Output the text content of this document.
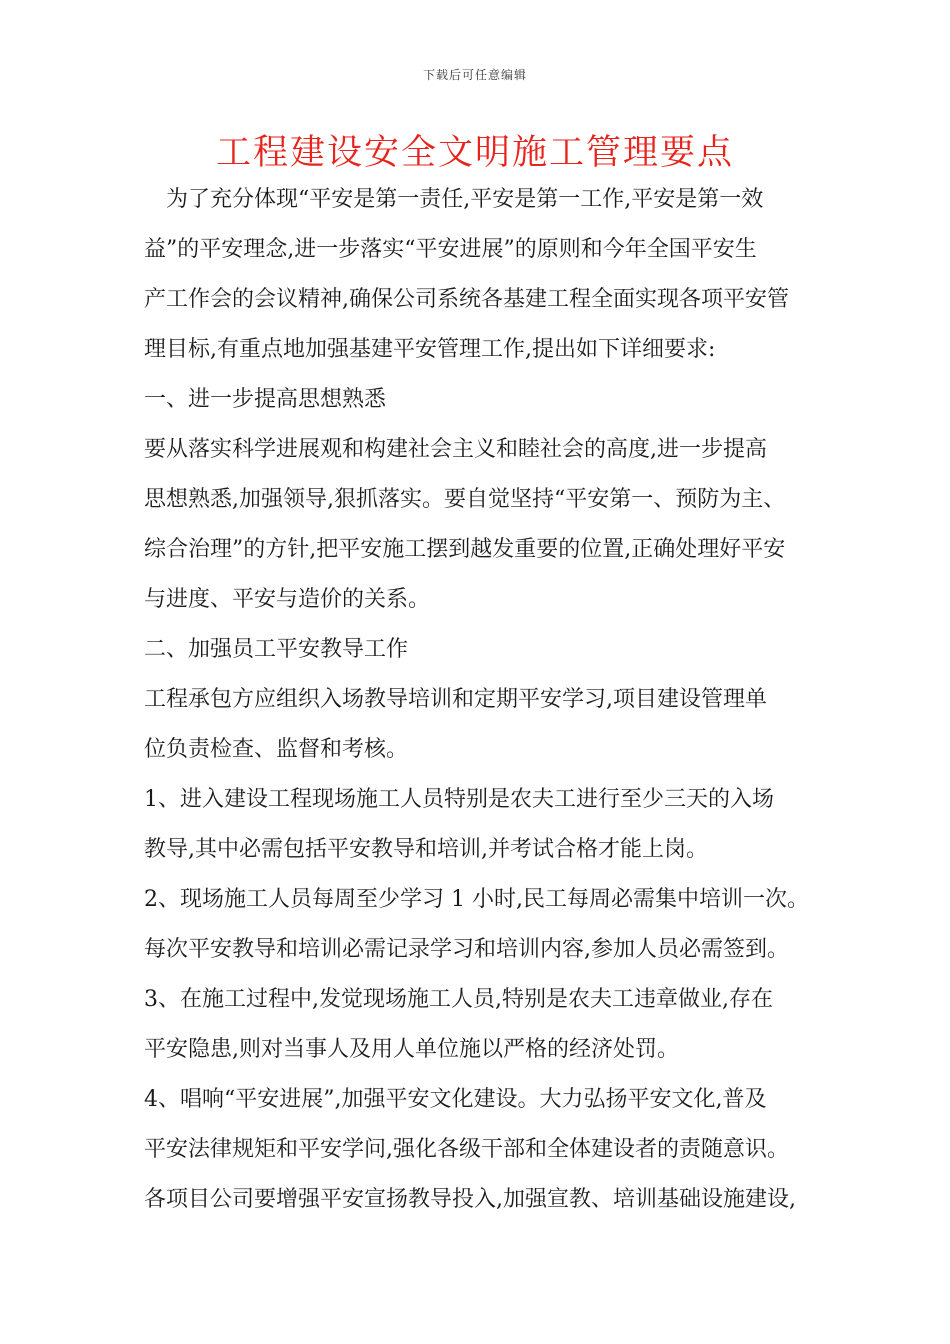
下载后可任意编辑
工程建设安全文明施工管理要点
　为了充分体现“平安是第一责任,平安是第一工作,平安是第一效
益”的平安理念,进一步落实“平安进展”的原则和今年全国平安生
产工作会的会议精神,确保公司系统各基建工程全面实现各项平安管
理目标,有重点地加强基建平安管理工作,提出如下详细要求:
一、进一步提高思想熟悉
要从落实科学进展观和构建社会主义和睦社会的高度,进一步提高
思想熟悉,加强领导,狠抓落实。要自觉坚持“平安第一、预防为主、
综合治理”的方针,把平安施工摆到越发重要的位置,正确处理好平安
与进度、平安与造价的关系。
二、加强员工平安教导工作
工程承包方应组织入场教导培训和定期平安学习,项目建设管理单
位负责检查、监督和考核。
1、进入建设工程现场施工人员特别是农夫工进行至少三天的入场
教导,其中必需包括平安教导和培训,并考试合格才能上岗。
2、现场施工人员每周至少学习 1 小时,民工每周必需集中培训一次。
每次平安教导和培训必需记录学习和培训内容,参加人员必需签到。
3、在施工过程中,发觉现场施工人员,特别是农夫工违章做业,存在
平安隐患,则对当事人及用人单位施以严格的经济处罚。
4、唱响“平安进展”,加强平安文化建设。大力弘扬平安文化,普及
平安法律规矩和平安学问,强化各级干部和全体建设者的责随意识。
各项目公司要增强平安宣扬教导投入,加强宣教、培训基础设施建设,
